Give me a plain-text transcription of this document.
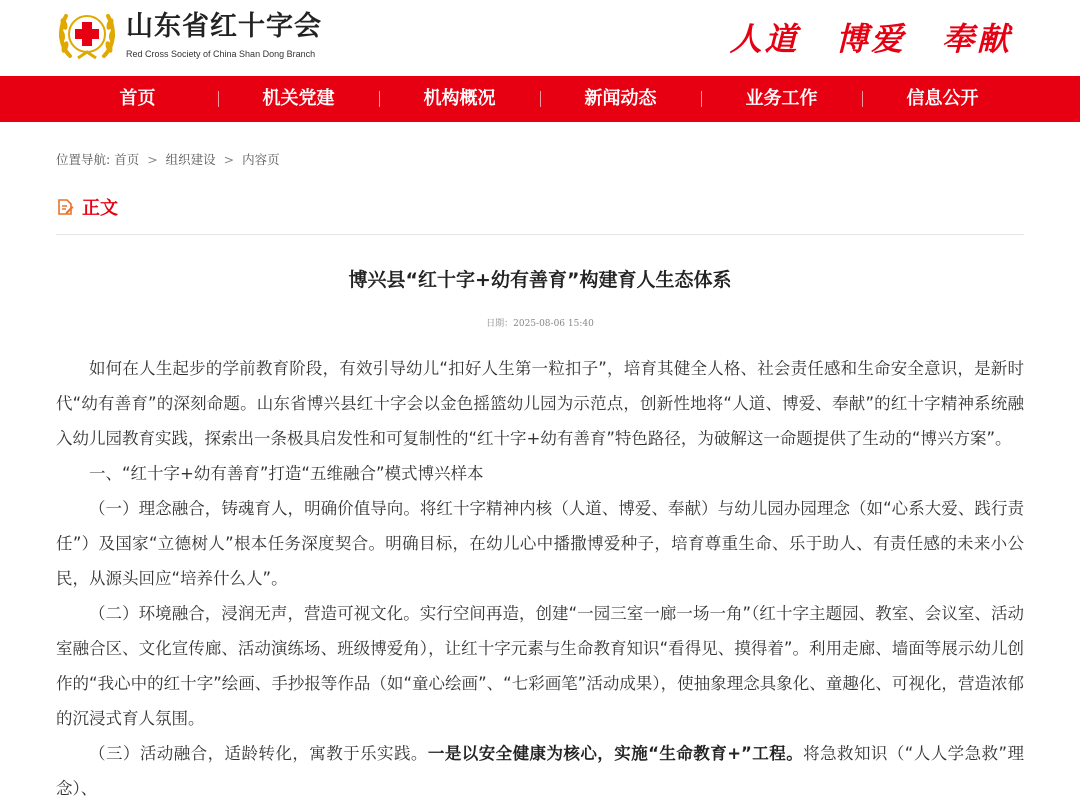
山东省红十字会
Red Cross Society of China Shan Dong Branch	人道 博爱 奉献
首页	机关党建	机构概况	新闻动态	业务工作	信息公开
位置导航: 首页 > 组织建设 > 内容页
正文
博兴县“红十字+幼有善育”构建育人生态体系
日期：2025-08-06 15:40

如何在人生起步的学前教育阶段，有效引导幼儿“扣好人生第一粒扣子”，培育其健全人格、社会责任感和生命安全意识，是新时代“幼有善育”的深刻命题。山东省博兴县红十字会以金色摇篮幼儿园为示范点，创新性地将“人道、博爱、奉献”的红十字精神系统融入幼儿园教育实践，探索出一条极具启发性和可复制性的“红十字+幼有善育”特色路径，为破解这一命题提供了生动的“博兴方案”。

一、“红十字+幼有善育”打造“五维融合”模式博兴样本

（一）理念融合，铸魂育人，明确价值导向。将红十字精神内核（人道、博爱、奉献）与幼儿园办园理念（如“心系大爱、践行责任”）及国家“立德树人”根本任务深度契合。明确目标，在幼儿心中播撒博爱种子，培育尊重生命、乐于助人、有责任感的未来小公民，从源头回应“培养什么人”。

（二）环境融合，浸润无声，营造可视文化。实行空间再造，创建“一园三室一廊一场一角”（红十字主题园、教室、会议室、活动室融合区、文化宣传廊、活动演练场、班级博爱角），让红十字元素与生命教育知识“看得见、摸得着”。利用走廊、墙面等展示幼儿创作的“我心中的红十字”绘画、手抄报等作品（如“童心绘画”、“七彩画笔”活动成果），使抽象理念具象化、童趣化、可视化，营造浓郁的沉浸式育人氛围。

（三）活动融合，适龄转化，寓教于乐实践。一是以安全健康为核心，实施“生命教育+”工程。将急救知识（“人人学急救”理念）、
